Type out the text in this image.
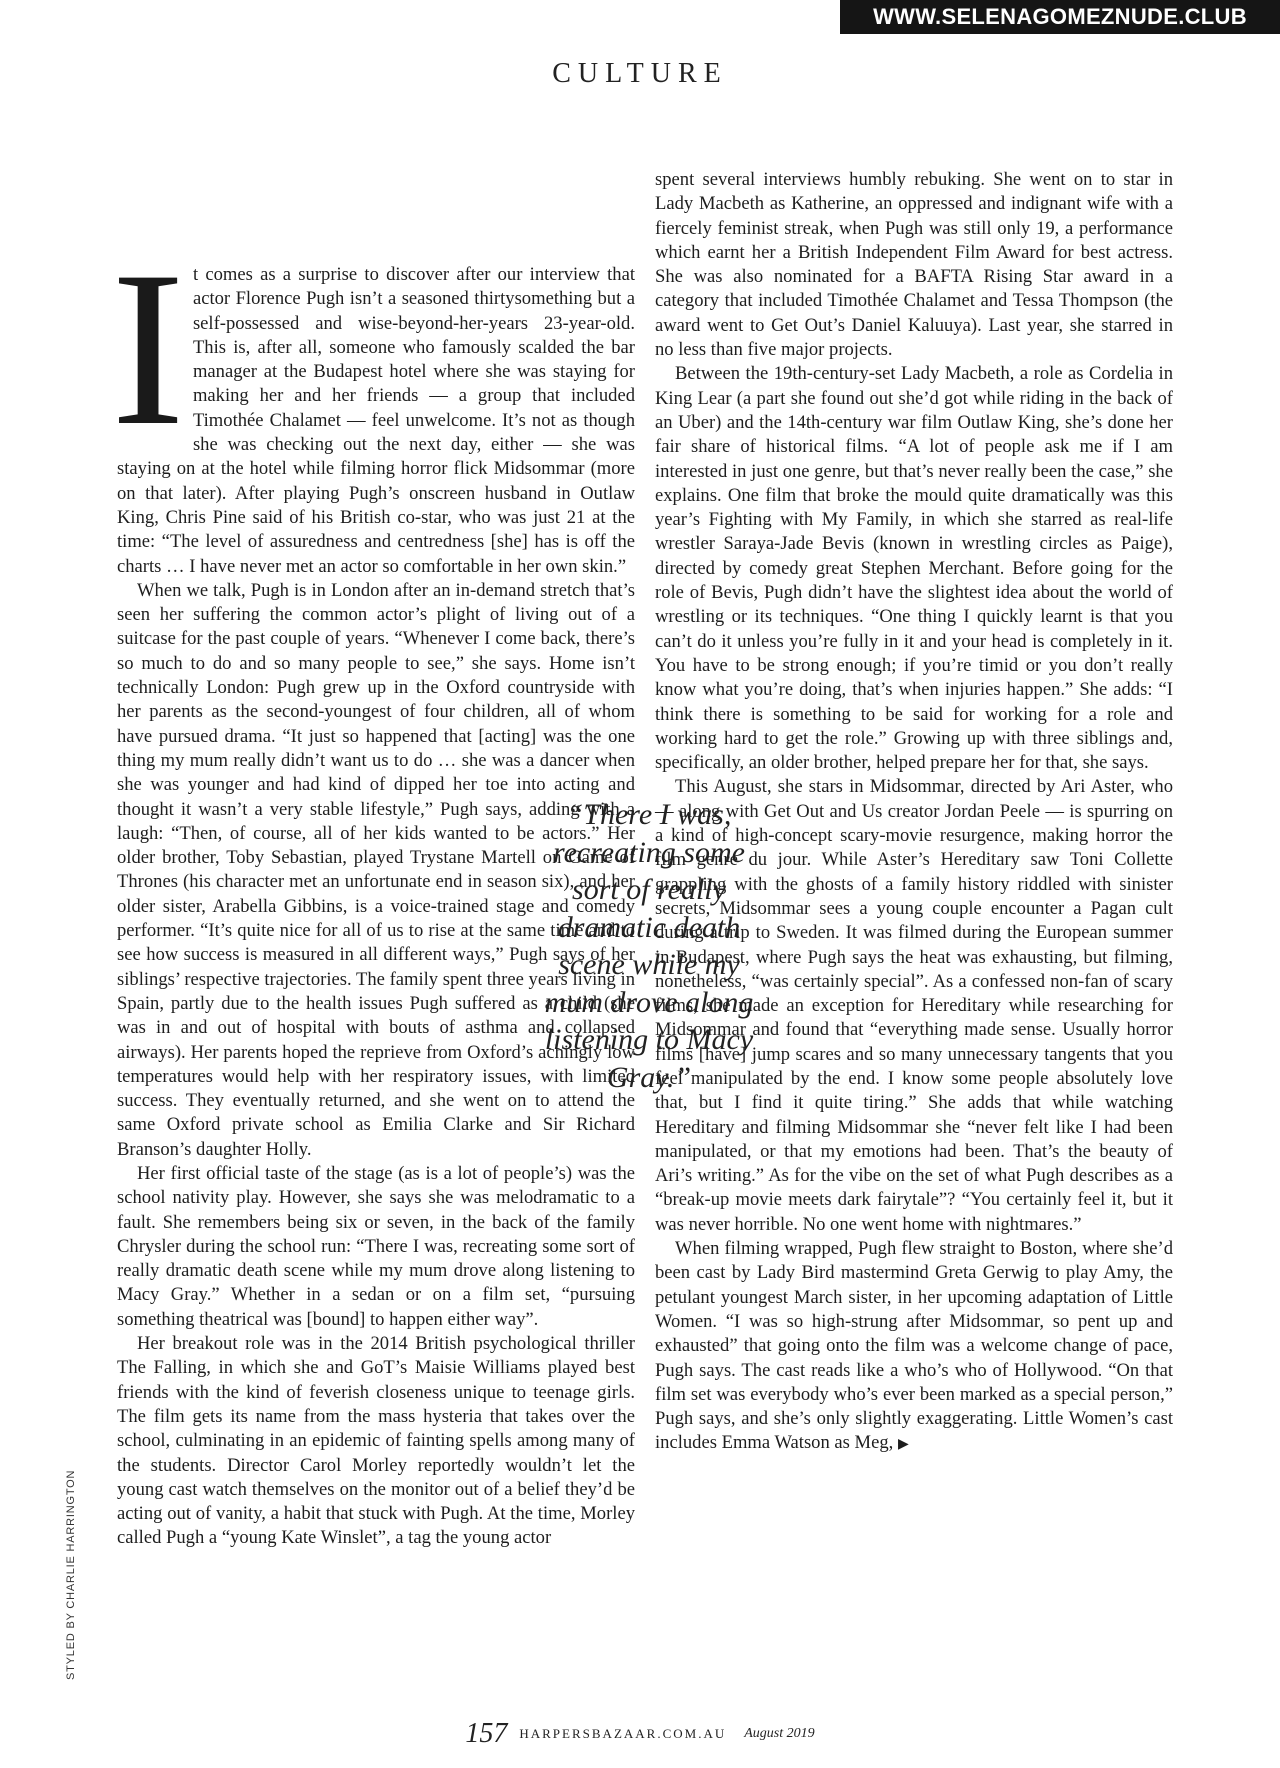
WWW.SELENAGOMEZNUDE.CLUB
CULTURE
I t comes as a surprise to discover after our interview that actor Florence Pugh isn’t a seasoned thirtysomething but a self-possessed and wise-beyond-her-years 23-year-old. This is, after all, someone who famously scalded the bar manager at the Budapest hotel where she was staying for making her and her friends — a group that included Timothée Chalamet — feel unwelcome. It’s not as though she was checking out the next day, either — she was staying on at the hotel while filming horror flick Midsommar (more on that later). After playing Pugh’s onscreen husband in Outlaw King, Chris Pine said of his British co-star, who was just 21 at the time: “The level of assuredness and centredness [she] has is off the charts … I have never met an actor so comfortable in her own skin.”

When we talk, Pugh is in London after an in-demand stretch that’s seen her suffering the common actor’s plight of living out of a suitcase for the past couple of years. “Whenever I come back, there’s so much to do and so many people to see,” she says. Home isn’t technically London: Pugh grew up in the Oxford countryside with her parents as the second-youngest of four children, all of whom have pursued drama. “It just so happened that [acting] was the one thing my mum really didn’t want us to do … she was a dancer when she was younger and had kind of dipped her toe into acting and thought it wasn’t a very stable lifestyle,” Pugh says, adding with a laugh: “Then, of course, all of her kids wanted to be actors.” Her older brother, Toby Sebastian, played Trystane Martell on Game of Thrones (his character met an unfortunate end in season six), and her older sister, Arabella Gibbins, is a voice-trained stage and comedy performer. “It’s quite nice for all of us to rise at the same time and to see how success is measured in all different ways,” Pugh says of her siblings’ respective trajectories. The family spent three years living in Spain, partly due to the health issues Pugh suffered as a child (she was in and out of hospital with bouts of asthma and collapsed airways). Her parents hoped the reprieve from Oxford’s achingly low temperatures would help with her respiratory issues, with limited success. They eventually returned, and she went on to attend the same Oxford private school as Emilia Clarke and Sir Richard Branson’s daughter Holly.

Her first official taste of the stage (as is a lot of people’s) was the school nativity play. However, she says she was melodramatic to a fault. She remembers being six or seven, in the back of the family Chrysler during the school run: “There I was, recreating some sort of really dramatic death scene while my mum drove along listening to Macy Gray.” Whether in a sedan or on a film set, “pursuing something theatrical was [bound] to happen either way”.

Her breakout role was in the 2014 British psychological thriller The Falling, in which she and GoT’s Maisie Williams played best friends with the kind of feverish closeness unique to teenage girls. The film gets its name from the mass hysteria that takes over the school, culminating in an epidemic of fainting spells among many of the students. Director Carol Morley reportedly wouldn’t let the young cast watch themselves on the monitor out of a belief they’d be acting out of vanity, a habit that stuck with Pugh. At the time, Morley called Pugh a “young Kate Winslet”, a tag the young actor

spent several interviews humbly rebuking. She went on to star in Lady Macbeth as Katherine, an oppressed and indignant wife with a fiercely feminist streak, when Pugh was still only 19, a performance which earnt her a British Independent Film Award for best actress. She was also nominated for a BAFTA Rising Star award in a category that included Timothée Chalamet and Tessa Thompson (the award went to Get Out’s Daniel Kaluuya). Last year, she starred in no less than five major projects.

Between the 19th-century-set Lady Macbeth, a role as Cordelia in King Lear (a part she found out she’d got while riding in the back of an Uber) and the 14th-century war film Outlaw King, she’s done her fair share of historical films. “A lot of people ask me if I am interested in just one genre, but that’s never really been the case,” she explains. One film that broke the mould quite dramatically was this year’s Fighting with My Family, in which she starred as real-life wrestler Saraya-Jade Bevis (known in wrestling circles as Paige), directed by comedy great Stephen Merchant. Before going for the role of Bevis, Pugh didn’t have the slightest idea about the world of wrestling or its techniques. “One thing I quickly learnt is that you can’t do it unless you’re fully in it and your head is completely in it. You have to be strong enough; if you’re timid or you don’t really know what you’re doing, that’s when injuries happen.” She adds: “I think there is something to be said for working for a role and working hard to get the role.” Growing up with three siblings and, specifically, an older brother, helped prepare her for that, she says.

This August, she stars in Midsommar, directed by Ari Aster, who — along with Get Out and Us creator Jordan Peele — is spurring on a kind of high-concept scary-movie resurgence, making horror the film genre du jour. While Aster’s Hereditary saw Toni Collette grappling with the ghosts of a family history riddled with sinister secrets, Midsommar sees a young couple encounter a Pagan cult during a trip to Sweden. It was filmed during the European summer in Budapest, where Pugh says the heat was exhausting, but filming, nonetheless, “was certainly special”. As a confessed non-fan of scary films, she made an exception for Hereditary while researching for Midsommar and found that “everything made sense. Usually horror films [have] jump scares and so many unnecessary tangents that you feel manipulated by the end. I know some people absolutely love that, but I find it quite tiring.” She adds that while watching Hereditary and filming Midsommar she “never felt like I had been manipulated, or that my emotions had been. That’s the beauty of Ari’s writing.” As for the vibe on the set of what Pugh describes as a “break-up movie meets dark fairytale”? “You certainly feel it, but it was never horrible. No one went home with nightmares.”

When filming wrapped, Pugh flew straight to Boston, where she’d been cast by Lady Bird mastermind Greta Gerwig to play Amy, the petulant youngest March sister, in her upcoming adaptation of Little Women. “I was so high-strung after Midsommar, so pent up and exhausted” that going onto the film was a welcome change of pace, Pugh says. The cast reads like a who’s who of Hollywood. “On that film set was everybody who’s ever been marked as a special person,” Pugh says, and she’s only slightly exaggerating. Little Women’s cast includes Emma Watson as Meg, ▶

“There I was, recreating some sort of really dramatic death scene while my mum drove along listening to Macy Gray.”
STYLED BY CHARLIE HARRINGTON
157 HARPERSBAZAAR.COM.AU August 2019
